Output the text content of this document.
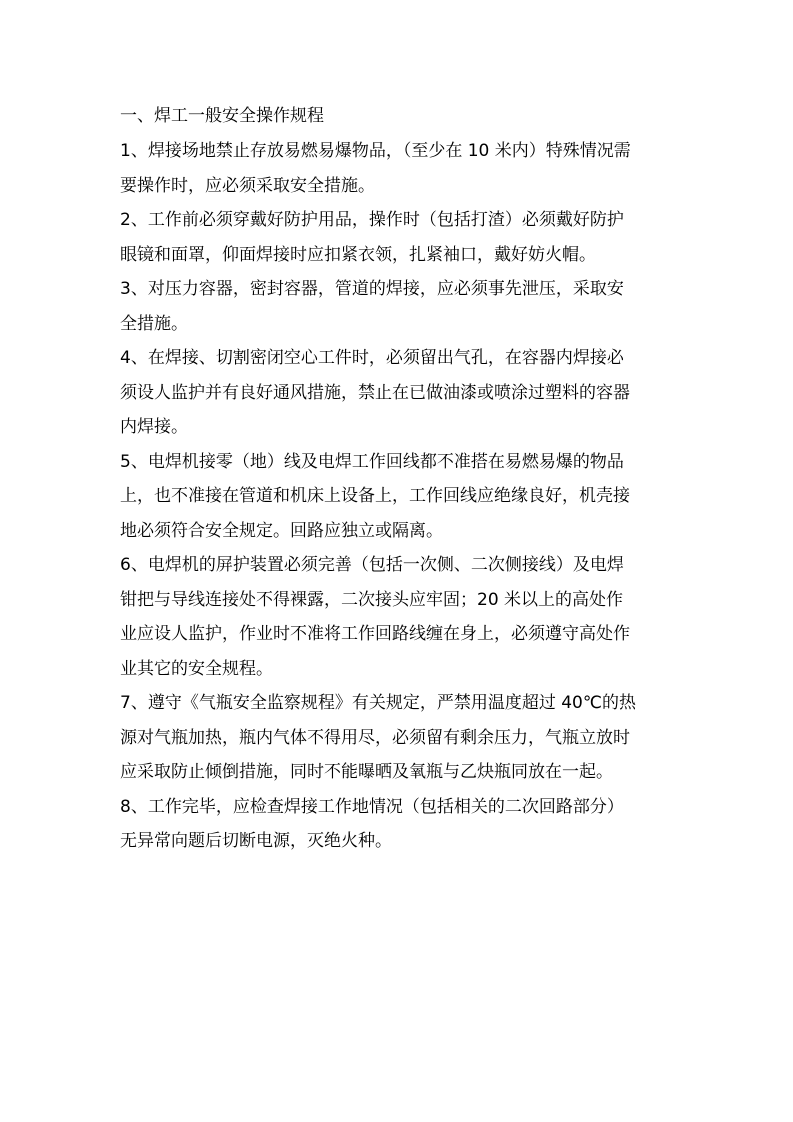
一、焊工一般安全操作规程
1、焊接场地禁止存放易燃易爆物品，（至少在 10 米内）特殊情况需
要操作时，应必须采取安全措施。
2、工作前必须穿戴好防护用品，操作时（包括打渣）必须戴好防护
眼镜和面罩，仰面焊接时应扣紧衣领，扎紧袖口，戴好妨火帽。
3、对压力容器，密封容器，管道的焊接，应必须事先泄压，采取安
全措施。
4、在焊接、切割密闭空心工件时，必须留出气孔，在容器内焊接必
须设人监护并有良好通风措施，禁止在已做油漆或喷涂过塑料的容器
内焊接。
5、电焊机接零（地）线及电焊工作回线都不准搭在易燃易爆的物品
上，也不准接在管道和机床上设备上，工作回线应绝缘良好，机壳接
地必须符合安全规定。回路应独立或隔离。
6、电焊机的屏护装置必须完善（包括一次侧、二次侧接线）及电焊
钳把与导线连接处不得裸露，二次接头应牢固；20 米以上的高处作
业应设人监护，作业时不准将工作回路线缠在身上，必须遵守高处作
业其它的安全规程。
7、遵守《气瓶安全监察规程》有关规定，严禁用温度超过 40℃的热
源对气瓶加热，瓶内气体不得用尽，必须留有剩余压力，气瓶立放时
应采取防止倾倒措施，同时不能曝晒及氧瓶与乙炔瓶同放在一起。
8、工作完毕，应检查焊接工作地情况（包括相关的二次回路部分）
无异常向题后切断电源，灭绝火种。
